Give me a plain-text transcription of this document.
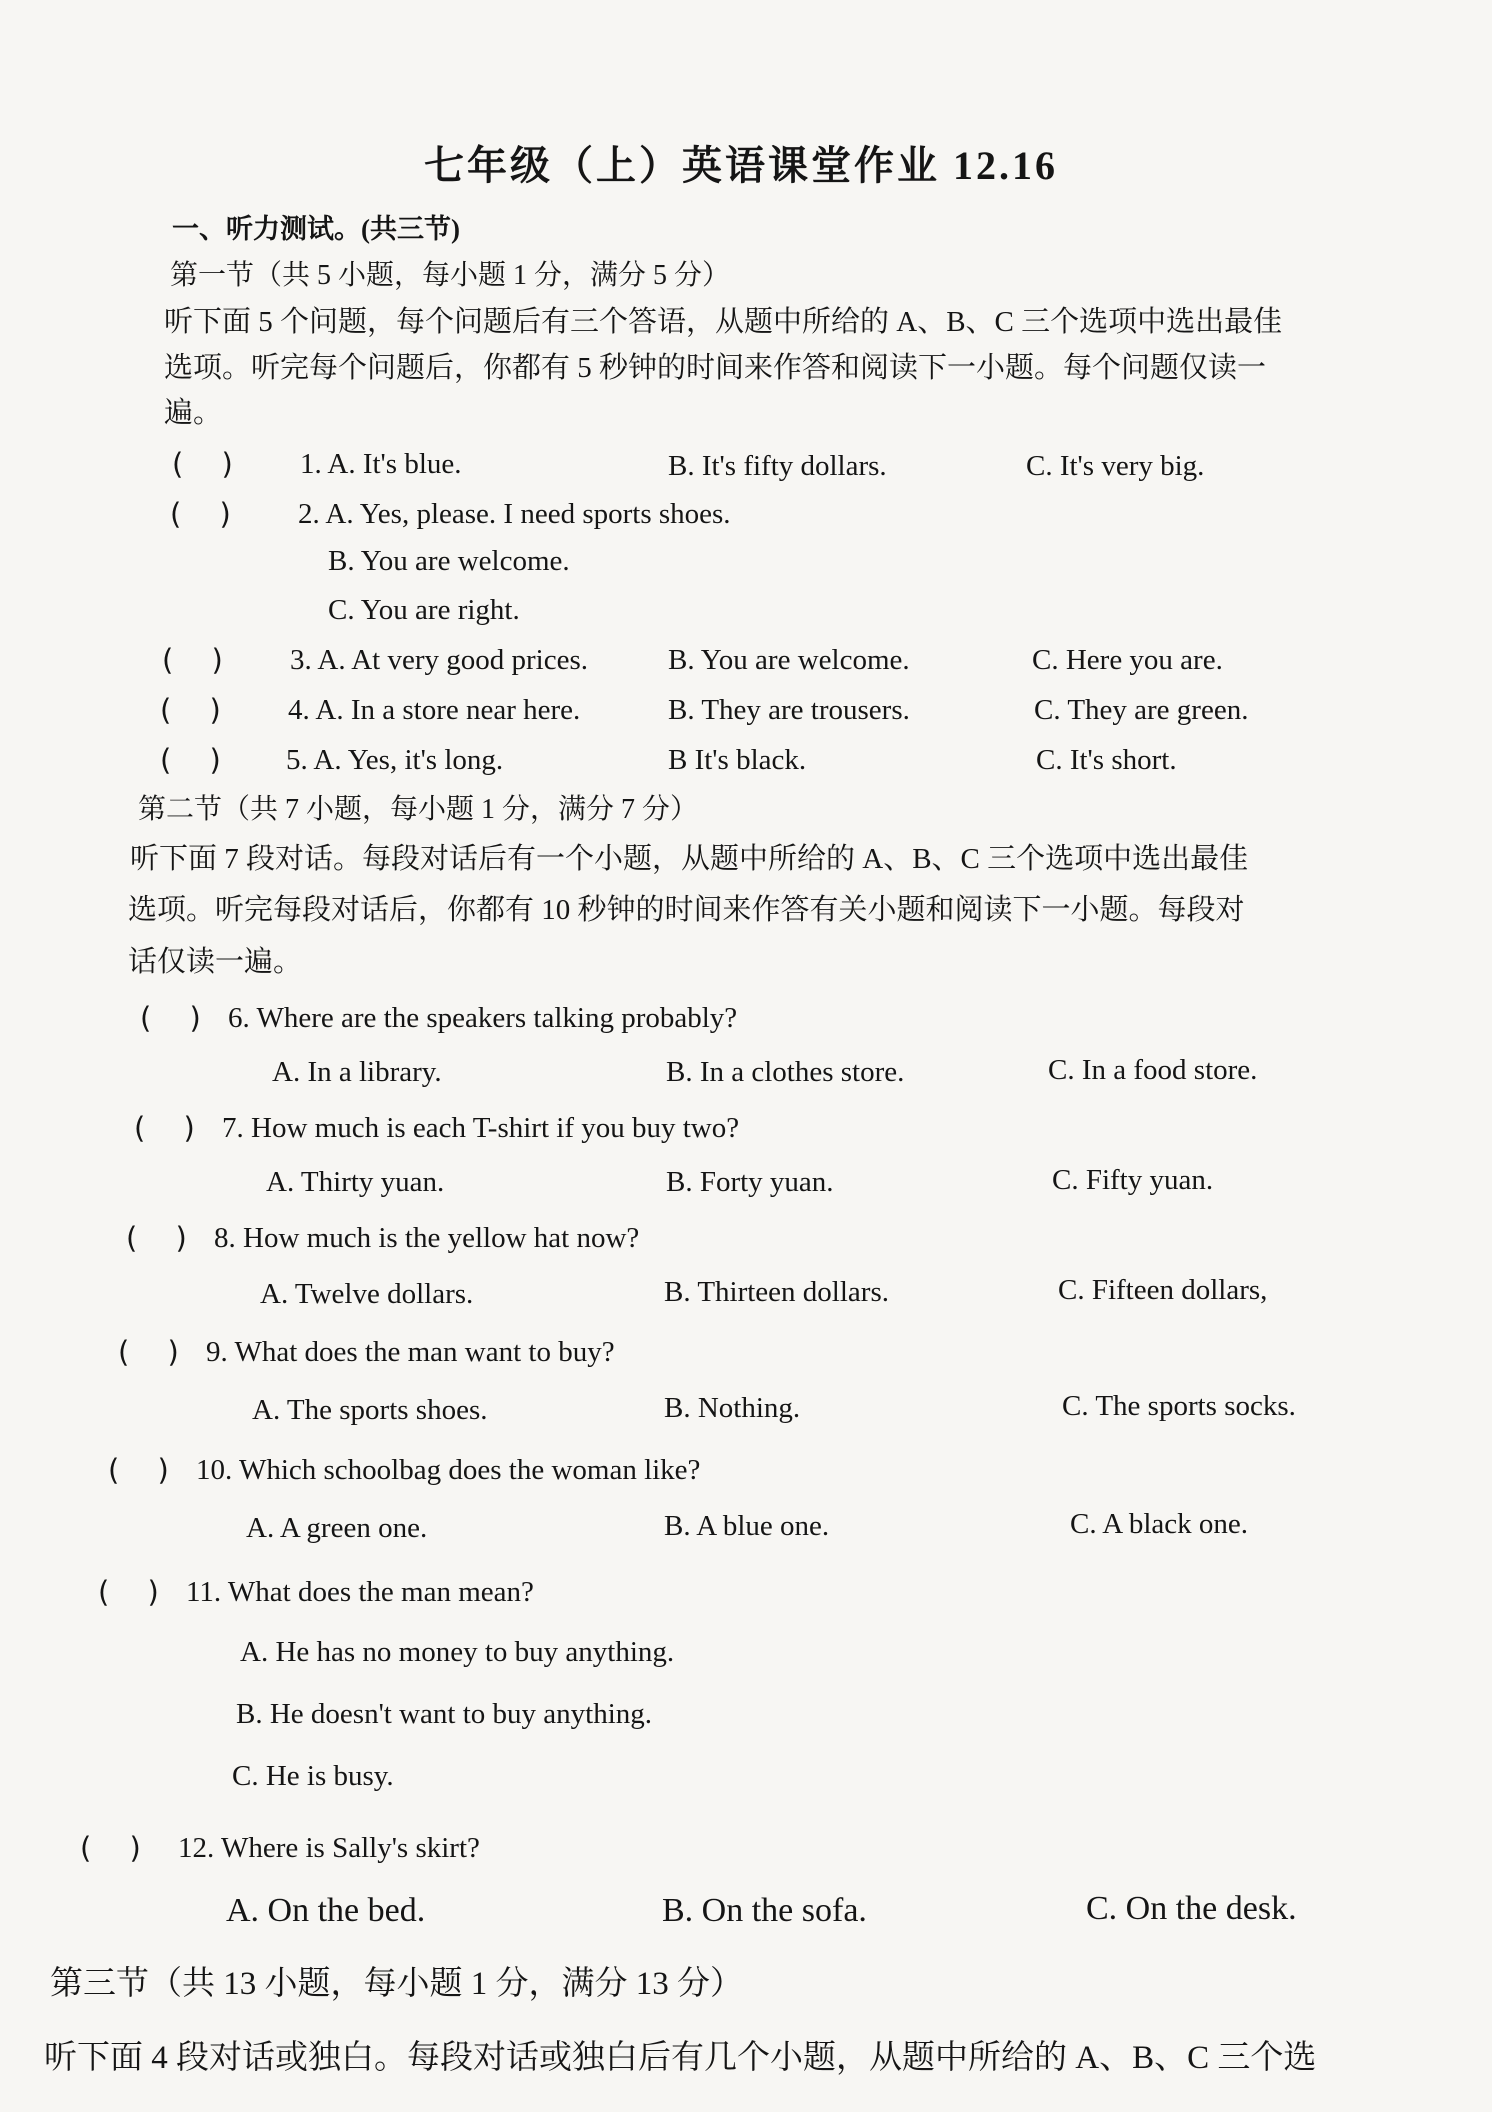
七年级（上）英语课堂作业 12.16
一、听力测试。(共三节)
第一节（共 5 小题，每小题 1 分，满分 5 分）
听下面 5 个问题，每个问题后有三个答语，从题中所给的 A、B、C 三个选项中选出最佳
选项。听完每个问题后，你都有 5 秒钟的时间来作答和阅读下一小题。每个问题仅读一
遍。
(　 ) 1. A. It's blue.	B. It's fifty dollars.	C. It's very big.
(　 ) 2. A. Yes, please. I need sports shoes.
B. You are welcome.
C. You are right.
(　 ) 3. A. At very good prices.	B. You are welcome.	C. Here you are.
(　 ) 4. A. In a store near here.	B. They are trousers.	C. They are green.
(　 ) 5. A. Yes, it's long.	B It's black.	C. It's short.
第二节（共 7 小题，每小题 1 分，满分 7 分）
听下面 7 段对话。每段对话后有一个小题，从题中所给的 A、B、C 三个选项中选出最佳
选项。听完每段对话后，你都有 10 秒钟的时间来作答有关小题和阅读下一小题。每段对
话仅读一遍。
(　 ) 6. Where are the speakers talking probably?
A. In a library.	B. In a clothes store.	C. In a food store.
(　 ) 7. How much is each T-shirt if you buy two?
A. Thirty yuan.	B. Forty yuan.	C. Fifty yuan.
(　 ) 8. How much is the yellow hat now?
A. Twelve dollars.	B. Thirteen dollars.	C. Fifteen dollars,
(　 ) 9. What does the man want to buy?
A. The sports shoes.	B. Nothing.	C. The sports socks.
(　 ) 10. Which schoolbag does the woman like?
A. A green one.	B. A blue one.	C. A black one.
(　 ) 11. What does the man mean?
A. He has no money to buy anything.
B. He doesn't want to buy anything.
C. He is busy.
(　 ) 12. Where is Sally's skirt?
A. On the bed.	B. On the sofa.	C. On the desk.
第三节（共 13 小题，每小题 1 分，满分 13 分）
听下面 4 段对话或独白。每段对话或独白后有几个小题，从题中所给的 A、B、C 三个选
